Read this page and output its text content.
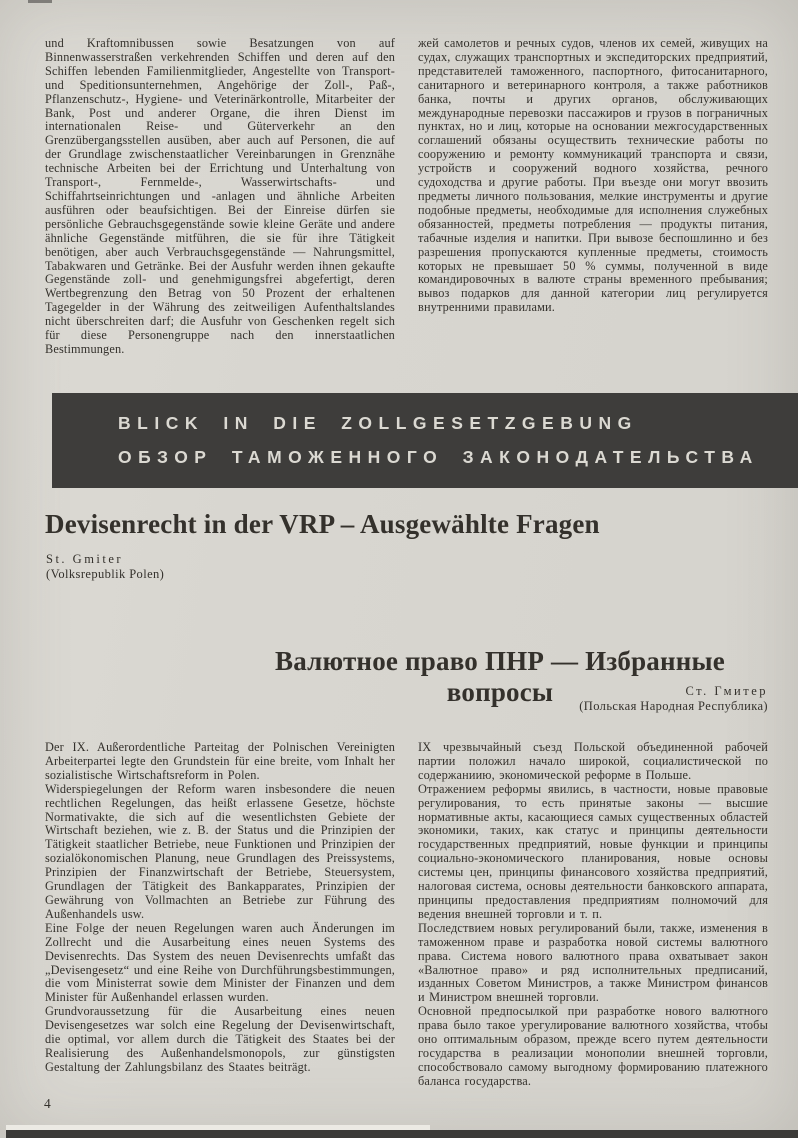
und Kraftomnibussen sowie Besatzungen von auf Binnenwasserstraßen verkehrenden Schiffen und deren auf den Schiffen lebenden Familienmitglieder, Angestellte von Transport- und Speditionsunternehmen, Angehörige der Zoll-, Paß-, Pflanzenschutz-, Hygiene- und Veterinärkontrolle, Mitarbeiter der Bank, Post und anderer Organe, die ihren Dienst im internationalen Reise- und Güterverkehr an den Grenzübergangsstellen ausüben, aber auch auf Personen, die auf der Grundlage zwischenstaatlicher Vereinbarungen in Grenznähe technische Arbeiten bei der Errichtung und Unterhaltung von Transport-, Fernmelde-, Wasserwirtschafts- und Schiffahrtseinrichtungen und -anlagen und ähnliche Arbeiten ausführen oder beaufsichtigen. Bei der Einreise dürfen sie persönliche Gebrauchsgegenstände sowie kleine Geräte und andere ähnliche Gegenstände mitführen, die sie für ihre Tätigkeit benötigen, aber auch Verbrauchsgegenstände — Nahrungsmittel, Tabakwaren und Getränke. Bei der Ausfuhr werden ihnen gekaufte Gegenstände zoll- und genehmigungsfrei abgefertigt, deren Wertbegrenzung den Betrag von 50 Prozent der erhaltenen Tagegelder in der Währung des zeitweiligen Aufenthaltslandes nicht überschreiten darf; die Ausfuhr von Geschenken regelt sich für diese Personengruppe nach den innerstaatlichen Bestimmungen.

жей самолетов и речных судов, членов их семей, живущих на судах, служащих транспортных и экспедиторских предприятий, представителей таможенного, паспортного, фитосанитарного, санитарного и ветеринарного контроля, а также работников банка, почты и других органов, обслуживающих международные перевозки пассажиров и грузов в пограничных пунктах, но и лиц, которые на основании межгосударственных соглашений обязаны осуществить технические работы по сооружению и ремонту коммуникаций транспорта и связи, устройств и сооружений водного хозяйства, речного судоходства и другие работы. При въезде они могут ввозить предметы личного пользования, мелкие инструменты и другие подобные предметы, необходимые для исполнения служебных обязанностей, предметы потребления — продукты питания, табачные изделия и напитки. При вывозе беспошлинно и без разрешения пропускаются купленные предметы, стоимость которых не превышает 50 % суммы, полученной в виде командировочных в валюте страны временного пребывания; вывоз подарков для данной категории лиц регулируется внутренними правилами.

BLICK IN DIE ZOLLGESETZGEBUNG
ОБЗОР ТАМОЖЕННОГО ЗАКОНОДАТЕЛЬСТВА
Devisenrecht in der VRP – Ausgewählte Fragen
St. Gmiter
(Volksrepublik Polen)
Валютное право ПНР — Избранные вопросы	Ст. Гмитер
(Польская Народная Республика)

Der IX. Außerordentliche Parteitag der Polnischen Vereinigten Arbeiterpartei legte den Grundstein für eine breite, vom Inhalt her sozialistische Wirtschaftsreform in Polen.

Widerspiegelungen der Reform waren insbesondere die neuen rechtlichen Regelungen, das heißt erlassene Gesetze, höchste Normativakte, die sich auf die wesentlichsten Gebiete der Wirtschaft beziehen, wie z. B. der Status und die Prinzipien der Tätigkeit staatlicher Betriebe, neue Funktionen und Prinzipien der sozialökonomischen Planung, neue Grundlagen des Preissystems, Prinzipien der Finanzwirtschaft der Betriebe, Steuersystem, Grundlagen der Tätigkeit des Bankapparates, Prinzipien der Gewährung von Vollmachten an Betriebe zur Führung des Außenhandels usw.

Eine Folge der neuen Regelungen waren auch Änderungen im Zollrecht und die Ausarbeitung eines neuen Systems des Devisenrechts. Das System des neuen Devisenrechts umfaßt das „Devisengesetz“ und eine Reihe von Durchführungsbestimmungen, die vom Ministerrat sowie dem Minister der Finanzen und dem Minister für Außenhandel erlassen wurden.

Grundvoraussetzung für die Ausarbeitung eines neuen Devisengesetzes war solch eine Regelung der Devisenwirtschaft, die optimal, vor allem durch die Tätigkeit des Staates bei der Realisierung des Außenhandelsmonopols, zur günstigsten Gestaltung der Zahlungsbilanz des Staates beiträgt.

IX чрезвычайный съезд Польской объединенной рабочей партии положил начало широкой, социалистической по содержаниию, экономической реформе в Польше.

Отражением реформы явились, в частности, новые правовые регулирования, то есть принятые законы — высшие нормативные акты, касающиеся самых существенных областей экономики, таких, как статус и принципы деятельности государственных предприятий, новые функции и принципы социально-экономического планирования, новые основы системы цен, принципы финансового хозяйства предприятий, налоговая система, основы деятельности банковского аппарата, принципы предоставления предприятиям полномочий для ведения внешней торговли и т. п.

Последствием новых регулирований были, также, изменения в таможенном праве и разработка новой системы валютного права. Система нового валютного права охватывает закон «Валютное право» и ряд исполнительных предписаний, изданных Советом Министров, а также Министром финансов и Министром внешней торговли.

Основной предпосылкой при разработке нового валютного права было такое урегулирование валютного хозяйства, чтобы оно оптимальным образом, прежде всего путем деятельности государства в реализации монополии внешней торговли, способствовало самому выгодному формированию платежного баланса государства.

4
